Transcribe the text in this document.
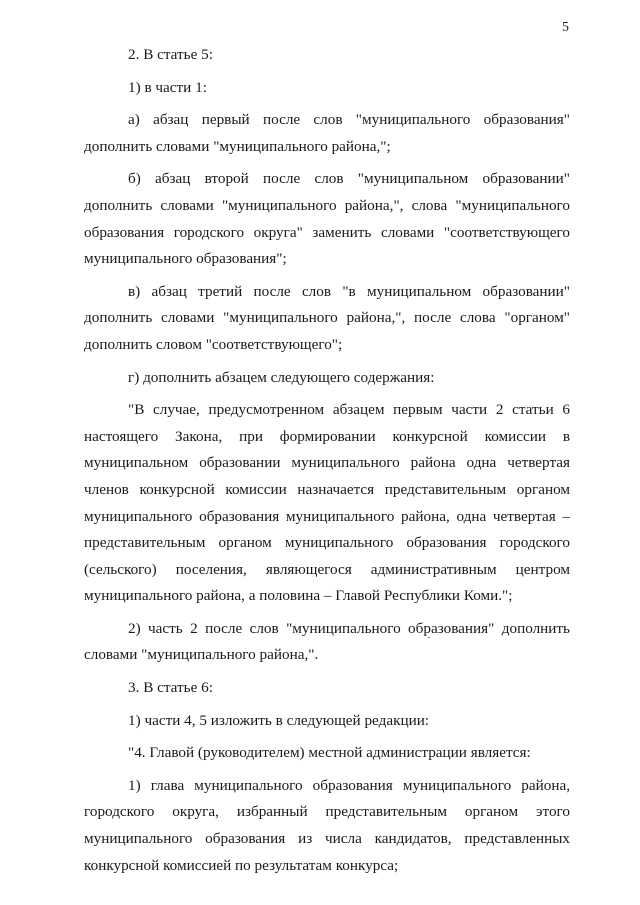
5

2. В статье 5:

1) в части 1:

а) абзац первый после слов "муниципального образования" дополнить словами "муниципального района,";

б) абзац второй после слов "муниципальном образовании" дополнить словами "муниципального района,", слова "муниципального образования городского округа" заменить словами "соответствующего муниципального образования";

в) абзац третий после слов "в муниципальном образовании" дополнить словами "муниципального района,", после слова "органом" дополнить словом "соответствующего";

г) дополнить абзацем следующего содержания:

"В случае, предусмотренном абзацем первым части 2 статьи 6 настоящего Закона, при формировании конкурсной комиссии в муниципальном образовании муниципального района одна четвертая членов конкурсной комиссии назначается представительным органом муниципального образования муниципального района, одна четвертая – представительным органом муниципального образования городского (сельского) поселения, являющегося административным центром муниципального района, а половина – Главой Республики Коми.";

2) часть 2 после слов "муниципального образования" дополнить словами "муниципального района,".

3. В статье 6:

1) части 4, 5 изложить в следующей редакции:

"4. Главой (руководителем) местной администрации является:

1) глава муниципального образования муниципального района, городского округа, избранный представительным органом этого муниципального образования из числа кандидатов, представленных конкурсной комиссией по результатам конкурса;
